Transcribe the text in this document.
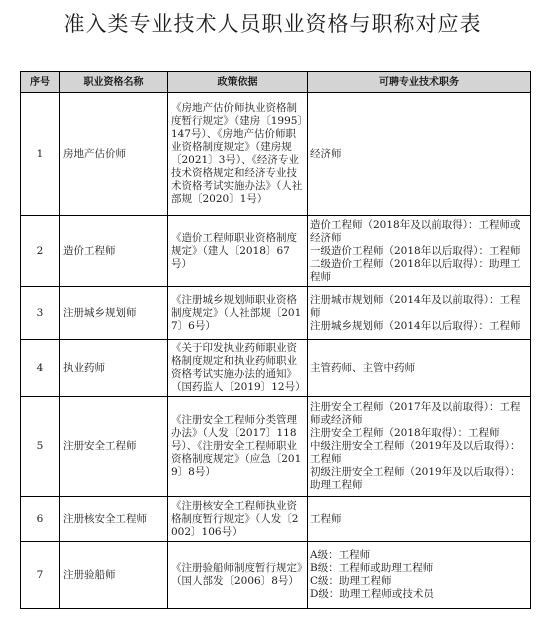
准入类专业技术人员职业资格与职称对应表
序号	职业资格名称	政策依据	可聘专业技术职务
1	房地产估价师	《房地产估价师执业资格制度暂行规定》（建房〔1995〕147号）、《房地产估价师职业资格制度规定》（建房规〔2021〕3号）、《经济专业技术资格规定和经济专业技术资格考试实施办法》（人社部规〔2020〕1号）	经济师

2	造价工程师	《造价工程师职业资格制度规定》（建人〔2018〕67号）	造价工程师（2018年及以前取得）：工程师或经济师
一级造价工程师（2018年以后取得）：工程师
二级造价工程师（2018年以后取得）：助理工程师

3	注册城乡规划师	《注册城乡规划师职业资格制度规定》（人社部规〔2017〕6号）	注册城市规划师（2014年及以前取得）：工程师
注册城乡规划师（2014年以后取得）：工程师

4	执业药师	《关于印发执业药师职业资格制度规定和执业药师职业资格考试实施办法的通知》（国药监人〔2019〕12号）	主管药师、主管中药师

5	注册安全工程师	《注册安全工程师分类管理办法》（人发〔2017〕118号）、《注册安全工程师职业资格制度规定》（应急〔2019〕8号）	注册安全工程师（2017年及以前取得）：工程师或经济师
注册安全工程师（2018年取得）：工程师
中级注册安全工程师（2019年及以后取得）：工程师
初级注册安全工程师（2019年及以后取得）：助理工程师

6	注册核安全工程师	《注册核安全工程师执业资格制度暂行规定》（人发〔2002〕106号）	工程师

7	注册验船师	《注册验船师制度暂行规定》（国人部发〔2006〕8号）	A级：工程师
B级：工程师或助理工程师
C级：助理工程师
D级：助理工程师或技术员
